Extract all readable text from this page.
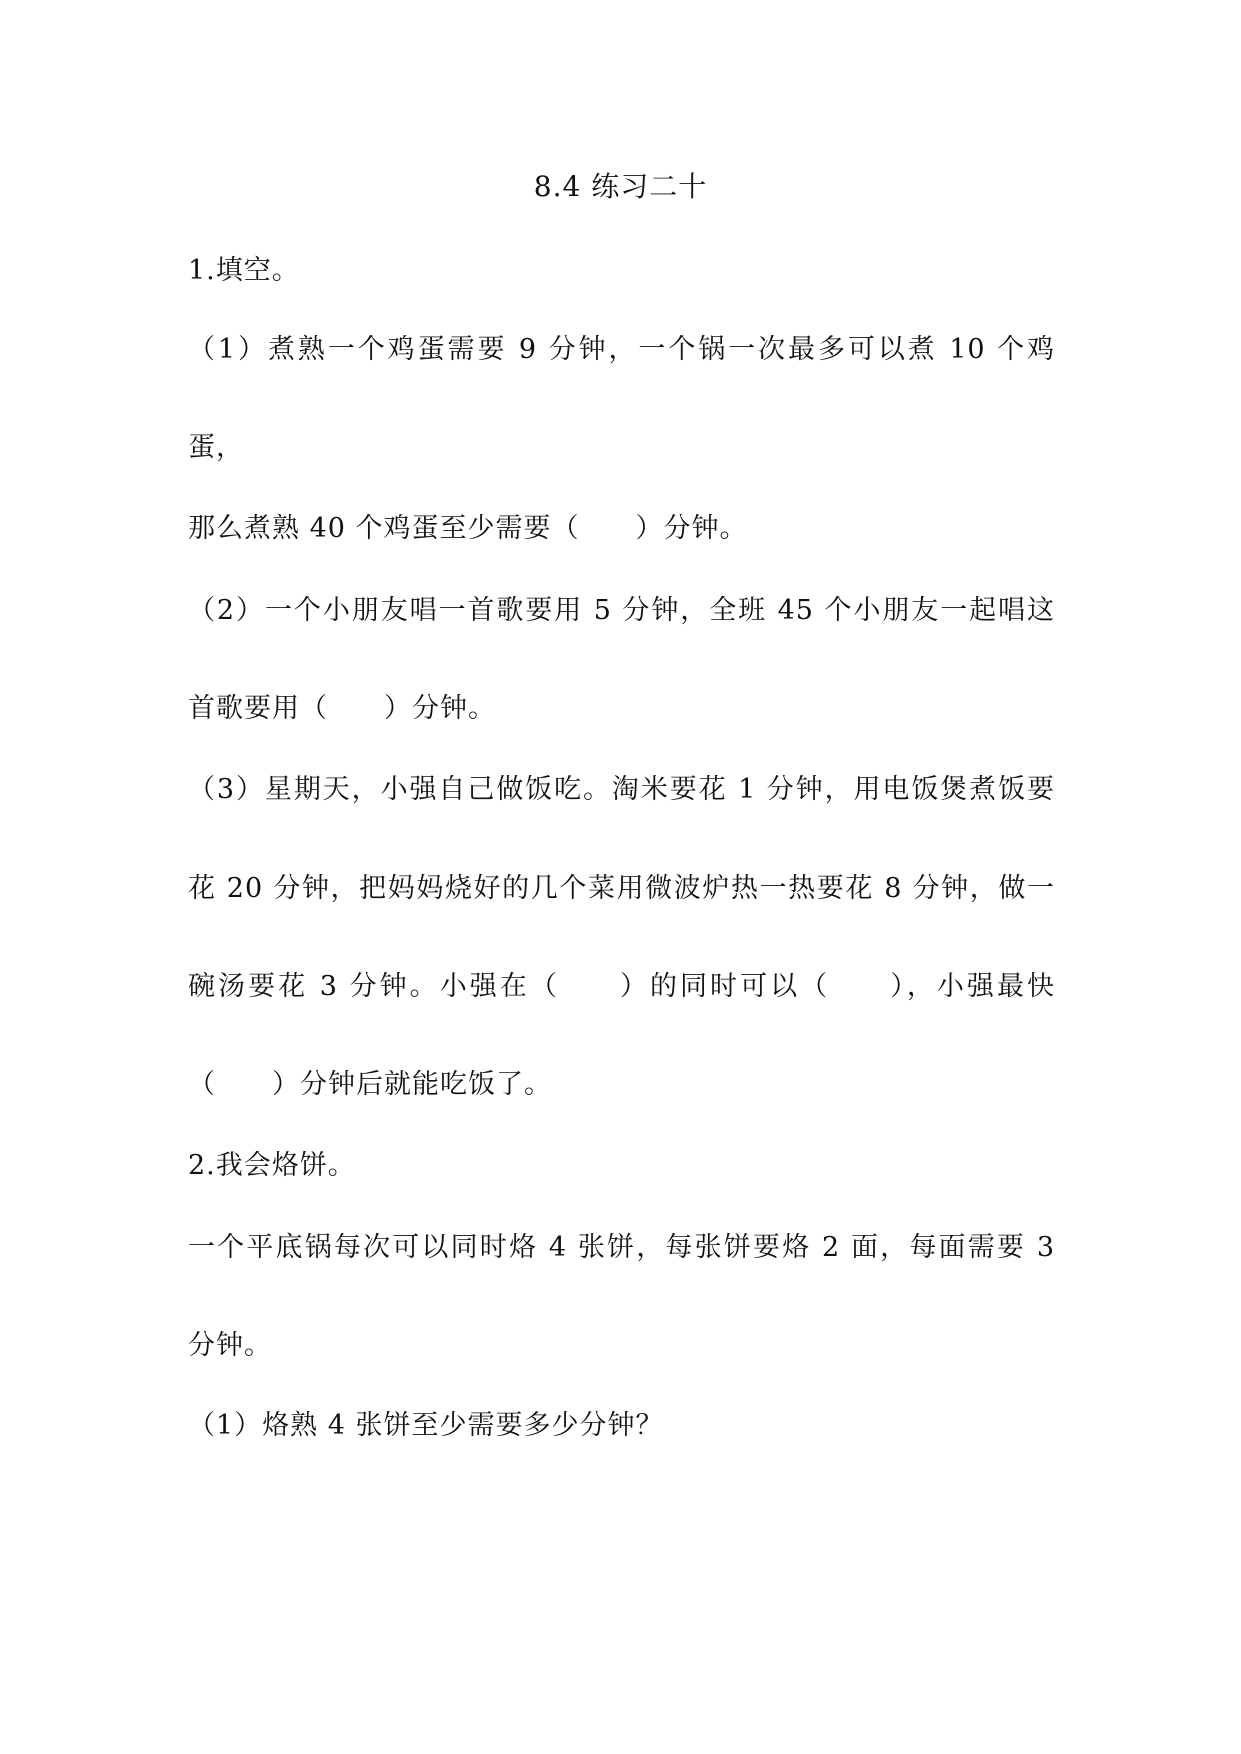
8.4 练习二十
1.填空。
（1）煮熟一个鸡蛋需要 9 分钟，一个锅一次最多可以煮 10 个鸡
蛋，
那么煮熟 40 个鸡蛋至少需要（　　）分钟。
（2）一个小朋友唱一首歌要用 5 分钟，全班 45 个小朋友一起唱这
首歌要用（　　）分钟。
（3）星期天，小强自己做饭吃。淘米要花 1 分钟，用电饭煲煮饭要
花 20 分钟，把妈妈烧好的几个菜用微波炉热一热要花 8 分钟，做一
碗汤要花 3 分钟。小强在（　　）的同时可以（　　），小强最快
（　　）分钟后就能吃饭了。
2.我会烙饼。
一个平底锅每次可以同时烙 4 张饼，每张饼要烙 2 面，每面需要 3
分钟。
（1）烙熟 4 张饼至少需要多少分钟？
